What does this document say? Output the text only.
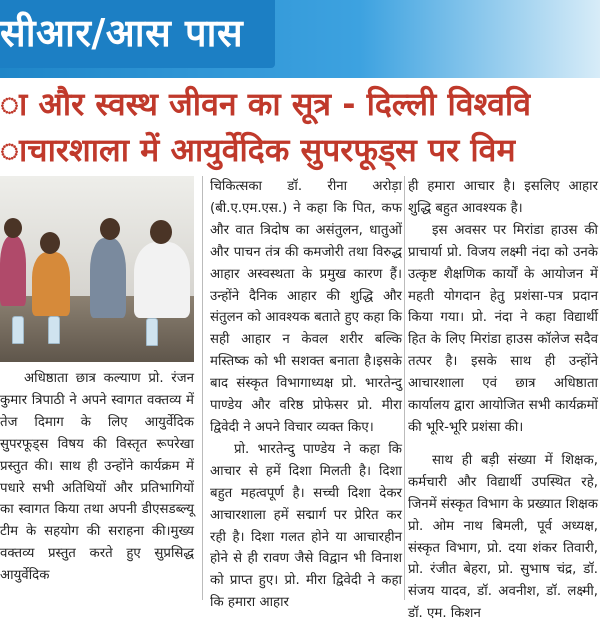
सीआर/आस पास
ा और स्वस्थ जीवन का सूत्र - दिल्ली विश्ववि
ाचारशाला में आयुर्वेदिक सुपरफूड्स पर विम

अधिष्ठाता छात्र कल्याण प्रो. रंजन कुमार त्रिपाठी ने अपने स्वागत वक्तव्य में तेज दिमाग के लिए आयुर्वेदिक सुपरफूड्स विषय की विस्तृत रूपरेखा प्रस्तुत की। साथ ही उन्होंने कार्यक्रम में पधारे सभी अतिथियों और प्रतिभागियों का स्वागत किया तथा अपनी डीएसडब्ल्यू टीम के सहयोग की सराहना की।मुख्य वक्तव्य प्रस्तुत करते हुए सुप्रसिद्ध आयुर्वेदिक

चिकित्सका डॉ. रीना अरोड़ा (बी.ए.एम.एस.) ने कहा कि पित, कफ और वात त्रिदोष का असंतुलन, धातुओं और पाचन तंत्र की कमजोरी तथा विरुद्ध आहार अस्वस्थता के प्रमुख कारण हैं। उन्होंने दैनिक आहार की शुद्धि और संतुलन को आवश्यक बताते हुए कहा कि सही आहार न केवल शरीर बल्कि मस्तिष्क को भी सशक्त बनाता है।इसके बाद संस्कृत विभागाध्यक्ष प्रो. भारतेन्दु पाण्डेय और वरिष्ठ प्रोफेसर प्रो. मीरा द्विवेदी ने अपने विचार व्यक्त किए।

प्रो. भारतेन्दु पाण्डेय ने कहा कि आचार से हमें दिशा मिलती है। दिशा बहुत महत्वपूर्ण है। सच्ची दिशा देकर आचारशाला हमें सद्मार्ग पर प्रेरित कर रही है। दिशा गलत होने या आचारहीन होने से ही रावण जैसे विद्वान भी विनाश को प्राप्त हुए। प्रो. मीरा द्विवेदी ने कहा कि हमारा आहार

ही हमारा आचार है। इसलिए आहार शुद्धि बहुत आवश्यक है।

इस अवसर पर मिरांडा हाउस की प्राचार्या प्रो. विजय लक्ष्मी नंदा को उनके उत्कृष्ट शैक्षणिक कार्यों के आयोजन में महती योगदान हेतु प्रशंसा-पत्र प्रदान किया गया। प्रो. नंदा ने कहा विद्यार्थी हित के लिए मिरांडा हाउस कॉलेज सदैव तत्पर है। इसके साथ ही उन्होंने आचारशाला एवं छात्र अधिष्ठाता कार्यालय द्वारा आयोजित सभी कार्यक्रमों की भूरि-भूरि प्रशंसा की।

साथ ही बड़ी संख्या में शिक्षक, कर्मचारी और विद्यार्थी उपस्थित रहे, जिनमें संस्कृत विभाग के प्रख्यात शिक्षक प्रो. ओम नाथ बिमली, पूर्व अध्यक्ष, संस्कृत विभाग, प्रो. दया शंकर तिवारी, प्रो. रंजीत बेहरा, प्रो. सुभाष चंद्र, डॉ. संजय यादव, डॉ. अवनीश, डॉ. लक्ष्मी, डॉ. एम. किशन
